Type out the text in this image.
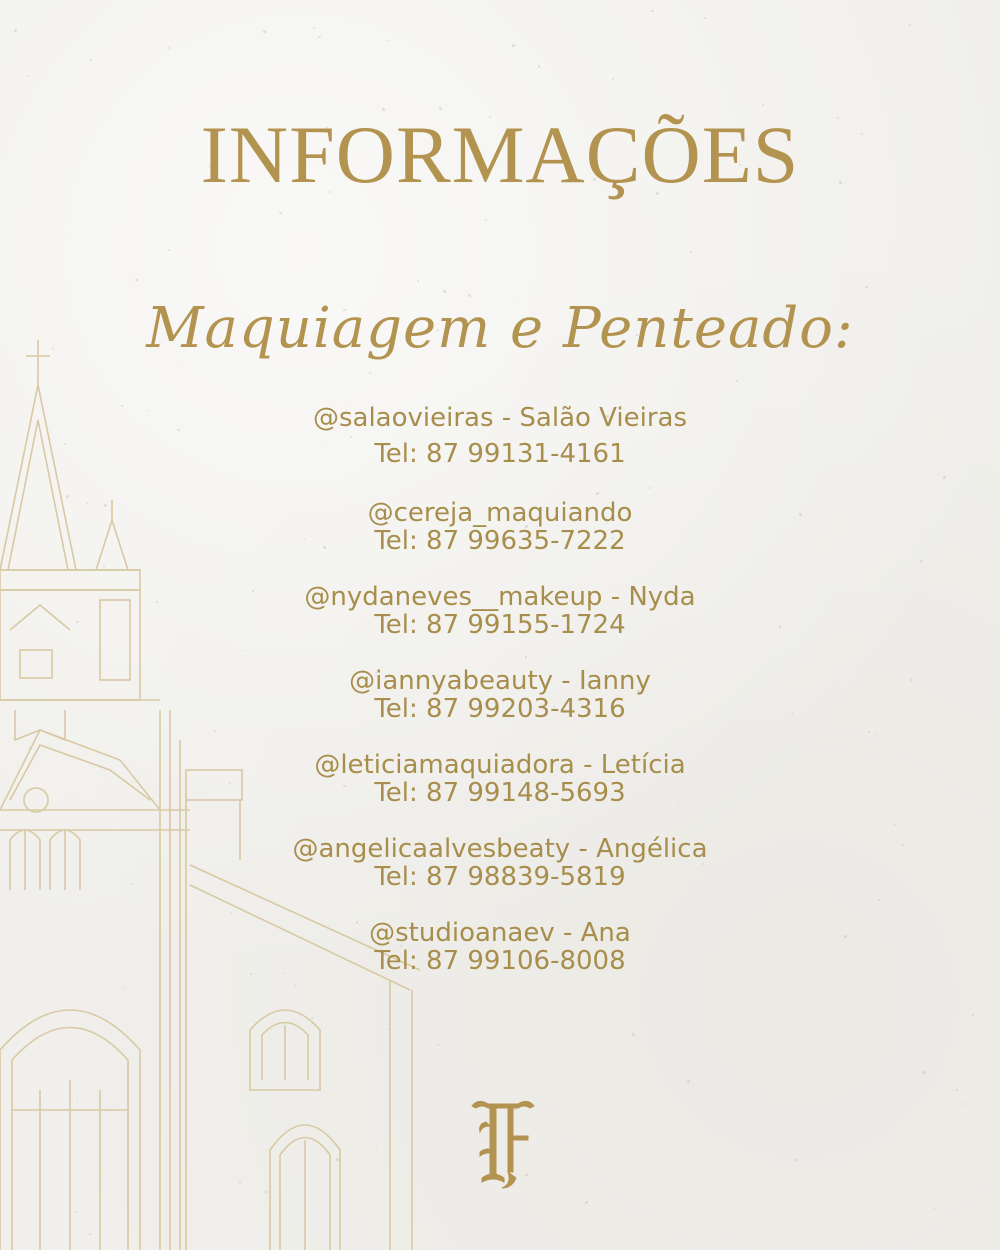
INFORMAÇÕES
Maquiagem e Penteado:
@salaovieiras - Salão Vieiras
Tel: 87 99131-4161
@cereja_maquiando
Tel: 87 99635-7222
@nydaneves__makeup - Nyda
Tel: 87 99155-1724
@iannyabeauty - Ianny
Tel: 87 99203-4316
@leticiamaquiadora - Letícia
Tel: 87 99148-5693
@angelicaalvesbeaty - Angélica
Tel: 87 98839-5819
@studioanaev - Ana
Tel: 87 99106-8008
